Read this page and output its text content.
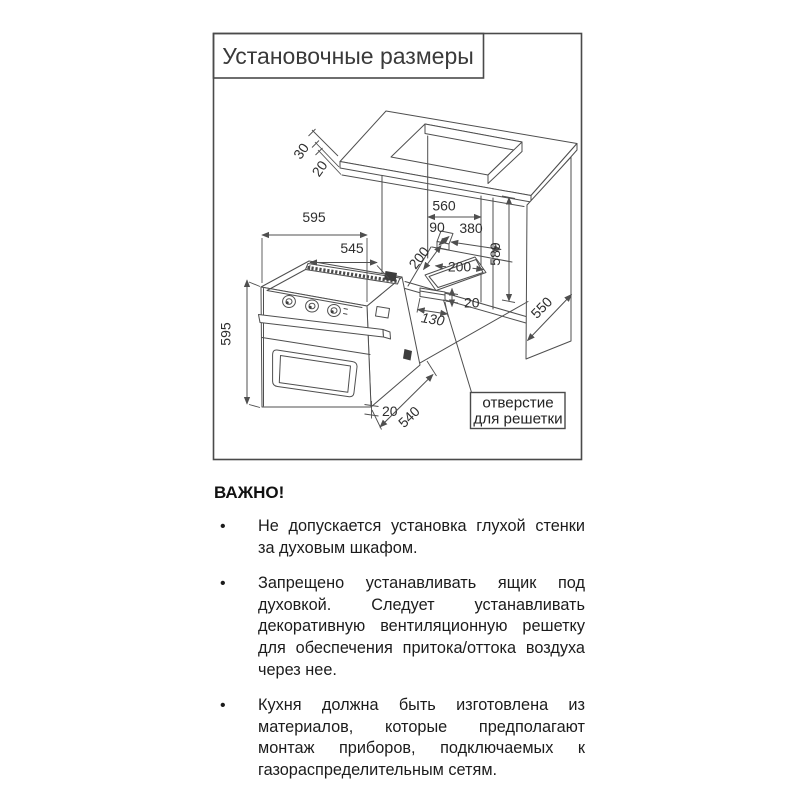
Установочные размеры
560
90 380
589
200 200
130
20	550
595
545
595
20
540
30
20
отверстие
для решетки
ВАЖНО!
• Не допускается установка глухой стенки за духовым шкафом.
• Запрещено устанавливать ящик под духовкой. Следует устанавливать декоративную вентиляционную решетку для обеспечения притока/оттока воздуха через нее.
• Кухня должна быть изготовлена из материалов, которые предполагают монтаж приборов, подключаемых к газораспределительным сетям.
